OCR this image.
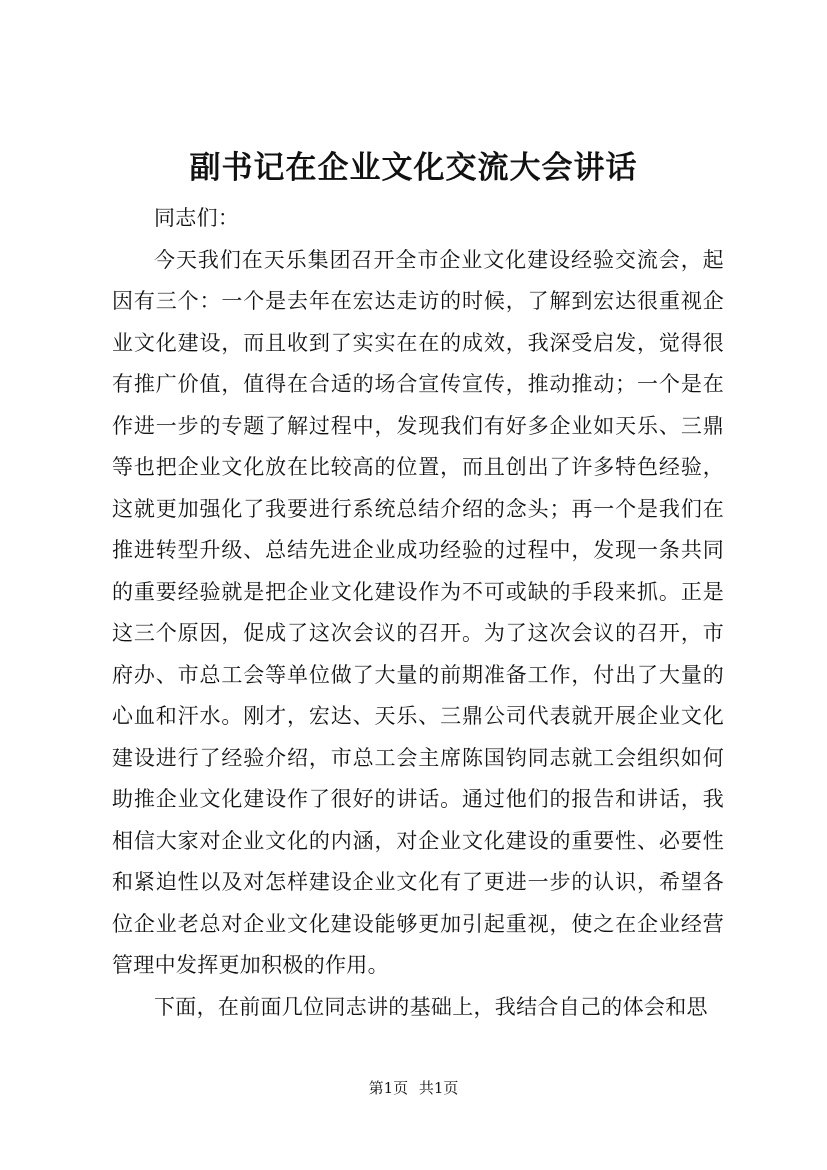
副书记在企业文化交流大会讲话

同志们：

今天我们在天乐集团召开全市企业文化建设经验交流会，起因有三个：一个是去年在宏达走访的时候，了解到宏达很重视企业文化建设，而且收到了实实在在的成效，我深受启发，觉得很有推广价值，值得在合适的场合宣传宣传，推动推动；一个是在作进一步的专题了解过程中，发现我们有好多企业如天乐、三鼎等也把企业文化放在比较高的位置，而且创出了许多特色经验，这就更加强化了我要进行系统总结介绍的念头；再一个是我们在推进转型升级、总结先进企业成功经验的过程中，发现一条共同的重要经验就是把企业文化建设作为不可或缺的手段来抓。正是这三个原因，促成了这次会议的召开。为了这次会议的召开，市府办、市总工会等单位做了大量的前期准备工作，付出了大量的心血和汗水。刚才，宏达、天乐、三鼎公司代表就开展企业文化建设进行了经验介绍，市总工会主席陈国钧同志就工会组织如何助推企业文化建设作了很好的讲话。通过他们的报告和讲话，我相信大家对企业文化的内涵，对企业文化建设的重要性、必要性和紧迫性以及对怎样建设企业文化有了更进一步的认识，希望各位企业老总对企业文化建设能够更加引起重视，使之在企业经营管理中发挥更加积极的作用。

下面，在前面几位同志讲的基础上，我结合自己的体会和思

第1页 共1页
